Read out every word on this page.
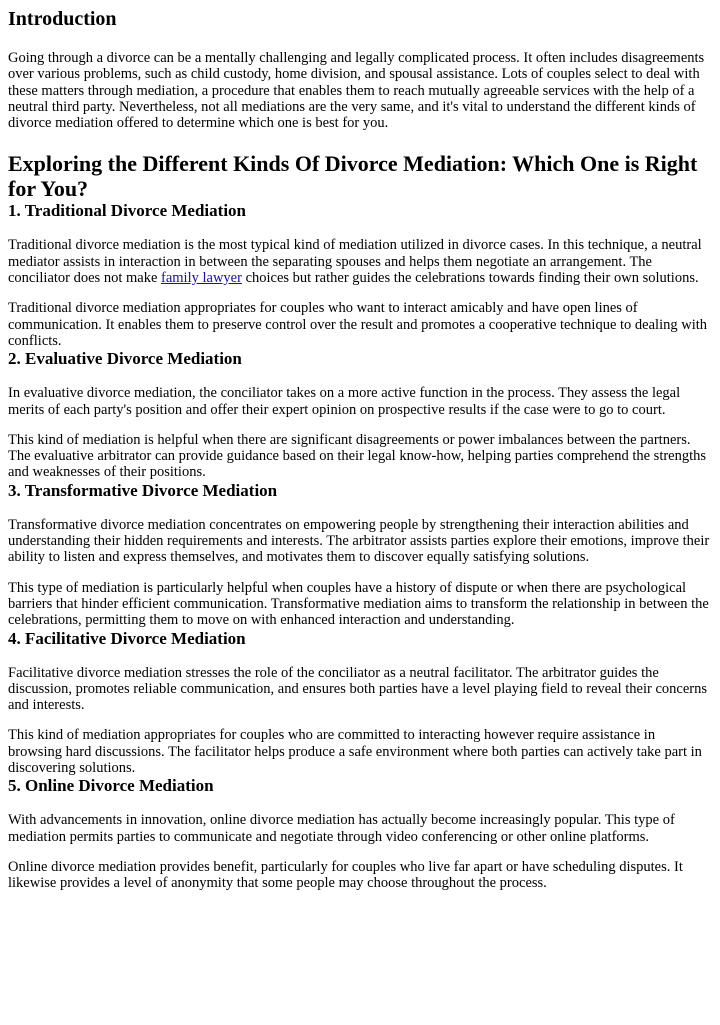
Introduction

Going through a divorce can be a mentally challenging and legally complicated process. It often includes disagreements over various problems, such as child custody, home division, and spousal assistance. Lots of couples select to deal with these matters through mediation, a procedure that enables them to reach mutually agreeable services with the help of a neutral third party. Nevertheless, not all mediations are the very same, and it's vital to understand the different kinds of divorce mediation offered to determine which one is best for you.

Exploring the Different Kinds Of Divorce Mediation: Which One is Right for You?
1. Traditional Divorce Mediation

Traditional divorce mediation is the most typical kind of mediation utilized in divorce cases. In this technique, a neutral mediator assists in interaction in between the separating spouses and helps them negotiate an arrangement. The conciliator does not make family lawyer choices but rather guides the celebrations towards finding their own solutions.

Traditional divorce mediation appropriates for couples who want to interact amicably and have open lines of communication. It enables them to preserve control over the result and promotes a cooperative technique to dealing with conflicts.

2. Evaluative Divorce Mediation

In evaluative divorce mediation, the conciliator takes on a more active function in the process. They assess the legal merits of each party's position and offer their expert opinion on prospective results if the case were to go to court.

This kind of mediation is helpful when there are significant disagreements or power imbalances between the partners. The evaluative arbitrator can provide guidance based on their legal know-how, helping parties comprehend the strengths and weaknesses of their positions.

3. Transformative Divorce Mediation

Transformative divorce mediation concentrates on empowering people by strengthening their interaction abilities and understanding their hidden requirements and interests. The arbitrator assists parties explore their emotions, improve their ability to listen and express themselves, and motivates them to discover equally satisfying solutions.

This type of mediation is particularly helpful when couples have a history of dispute or when there are psychological barriers that hinder efficient communication. Transformative mediation aims to transform the relationship in between the celebrations, permitting them to move on with enhanced interaction and understanding.

4. Facilitative Divorce Mediation

Facilitative divorce mediation stresses the role of the conciliator as a neutral facilitator. The arbitrator guides the discussion, promotes reliable communication, and ensures both parties have a level playing field to reveal their concerns and interests.

This kind of mediation appropriates for couples who are committed to interacting however require assistance in browsing hard discussions. The facilitator helps produce a safe environment where both parties can actively take part in discovering solutions.

5. Online Divorce Mediation

With advancements in innovation, online divorce mediation has actually become increasingly popular. This type of mediation permits parties to communicate and negotiate through video conferencing or other online platforms.

Online divorce mediation provides benefit, particularly for couples who live far apart or have scheduling disputes. It likewise provides a level of anonymity that some people may choose throughout the process.
